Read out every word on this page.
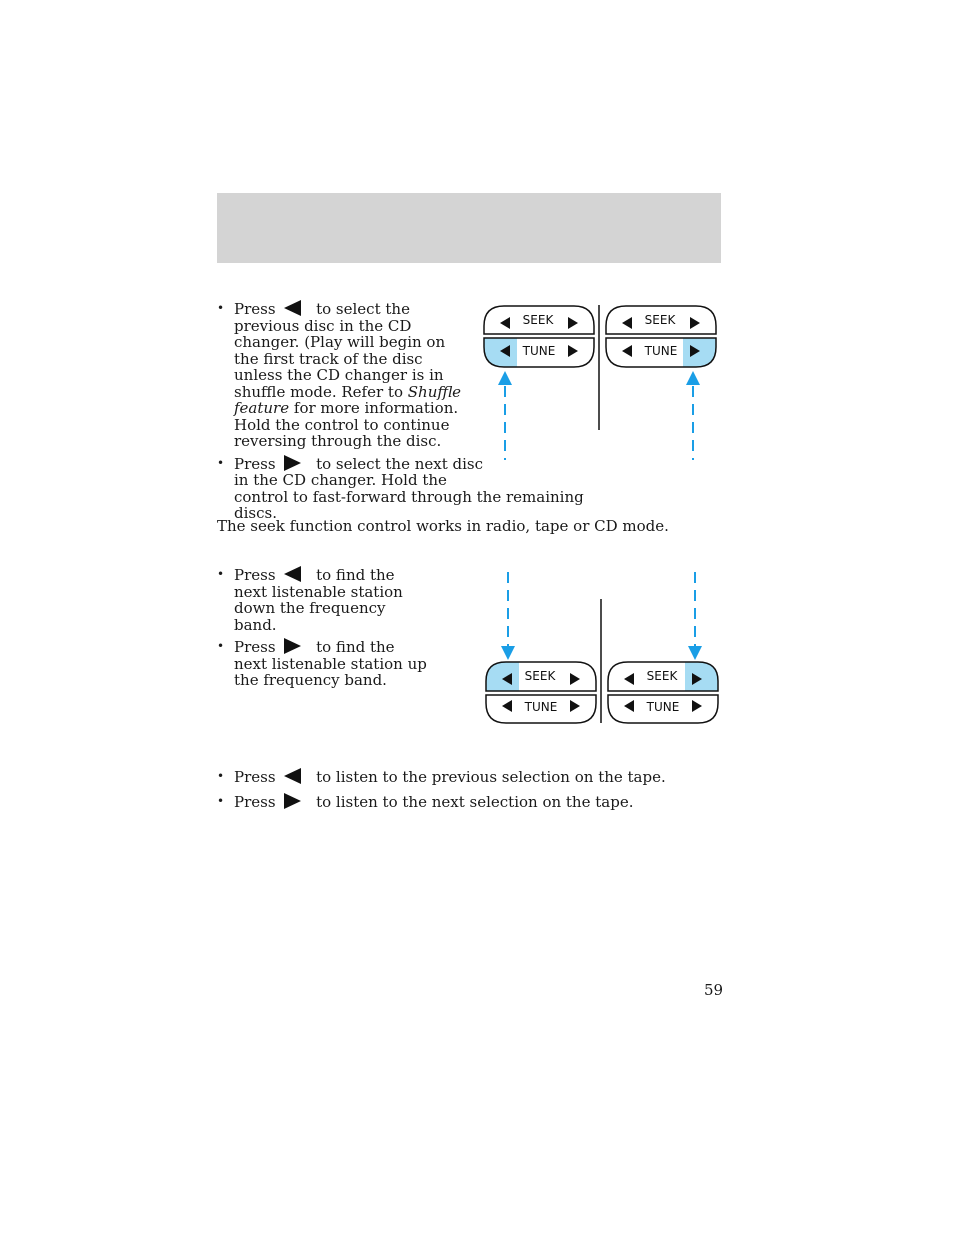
• Press	to select the previous disc in the CD changer. (Play will begin on the first track of the disc unless the CD changer is in shuffle mode. Refer to Shuffle feature for more information. Hold the control to continue reversing through the disc.
• Press	to select the next disc
in the CD changer. Hold the
control to fast-forward through the remaining discs.
SEEK
TUNE
SEEK
TUNE
The seek function control works in radio, tape or CD mode.
• Press	to find the next listenable station down the frequency band.
• Press	to find the next listenable station up the frequency band.	SEEK
TUNE
SEEK
TUNE
• Press	to listen to the previous selection on the tape.
• Press	to listen to the next selection on the tape.
59
